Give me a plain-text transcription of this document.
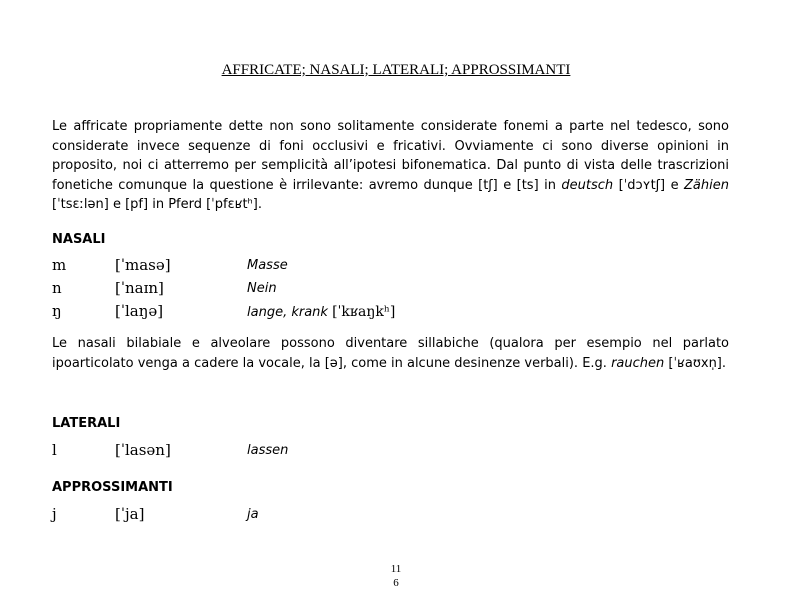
AFFRICATE; NASALI; LATERALI; APPROSSIMANTI
Le affricate propriamente dette non sono solitamente considerate fonemi a parte nel tedesco, sono considerate invece sequenze di foni occlusivi e fricativi. Ovviamente ci sono diverse opinioni in proposito, noi ci atterremo per semplicità all’ipotesi bifonematica. Dal punto di vista delle trascrizioni fonetiche comunque la questione è irrilevante: avremo dunque [tʃ] e [ts] in deutsch [ˈdɔʏtʃ] e Zähien [ˈtsɛːlən] e [pf] in Pferd [ˈpfɛʁtʰ].
NASALI
m	[ˈmasə]	Masse
n	[ˈnaɪn]	Nein
ŋ	[ˈlaŋə]	lange, krank [ˈkʁaŋkʰ]
Le nasali bilabiale e alveolare possono diventare sillabiche (qualora per esempio nel parlato ipoarticolato venga a cadere la vocale, la [ə], come in alcune desinenze verbali). E.g. rauchen [ˈʁaʊxn̩].
LATERALI
l	[ˈlasən]	lassen
APPROSSIMANTI
j	[ˈja]	ja
11
6
